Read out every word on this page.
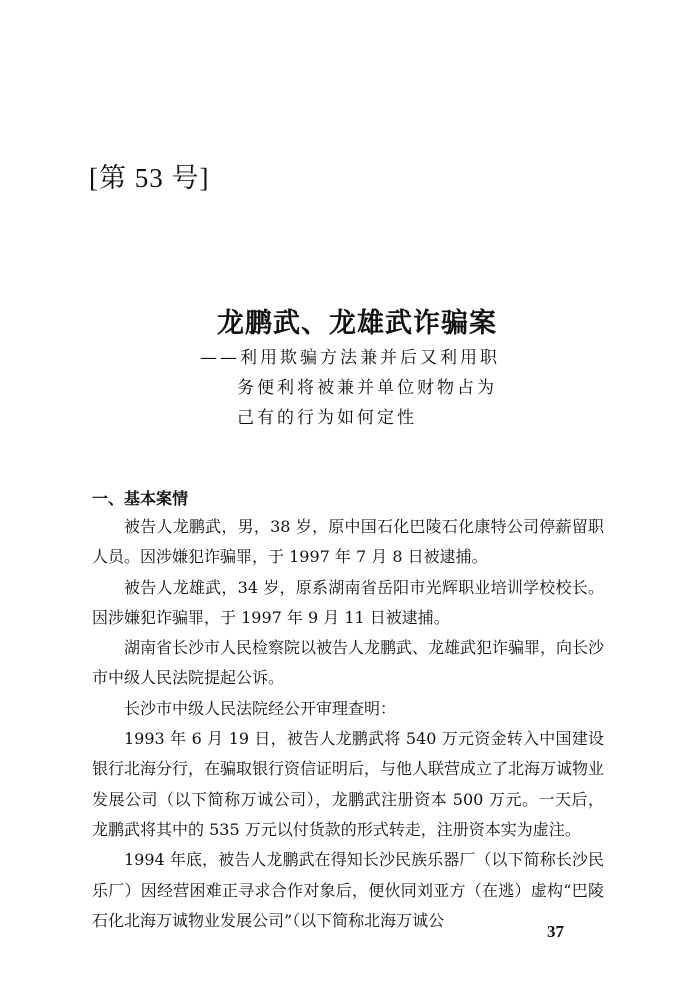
[第 53 号]
龙鹏武、龙雄武诈骗案
——利用欺骗方法兼并后又利用职
务便利将被兼并单位财物占为
己有的行为如何定性
一、基本案情

被告人龙鹏武，男，38 岁，原中国石化巴陵石化康特公司停薪留职人员。因涉嫌犯诈骗罪，于 1997 年 7 月 8 日被逮捕。

被告人龙雄武，34 岁，原系湖南省岳阳市光辉职业培训学校校长。因涉嫌犯诈骗罪，于 1997 年 9 月 11 日被逮捕。

湖南省长沙市人民检察院以被告人龙鹏武、龙雄武犯诈骗罪，向长沙市中级人民法院提起公诉。

长沙市中级人民法院经公开审理查明：

1993 年 6 月 19 日，被告人龙鹏武将 540 万元资金转入中国建设银行北海分行，在骗取银行资信证明后，与他人联营成立了北海万诚物业发展公司（以下简称万诚公司），龙鹏武注册资本 500 万元。一天后，龙鹏武将其中的 535 万元以付货款的形式转走，注册资本实为虚注。

1994 年底，被告人龙鹏武在得知长沙民族乐器厂（以下简称长沙民乐厂）因经营困难正寻求合作对象后，便伙同刘亚方（在逃）虚构“巴陵石化北海万诚物业发展公司”（以下简称北海万诚公

37
